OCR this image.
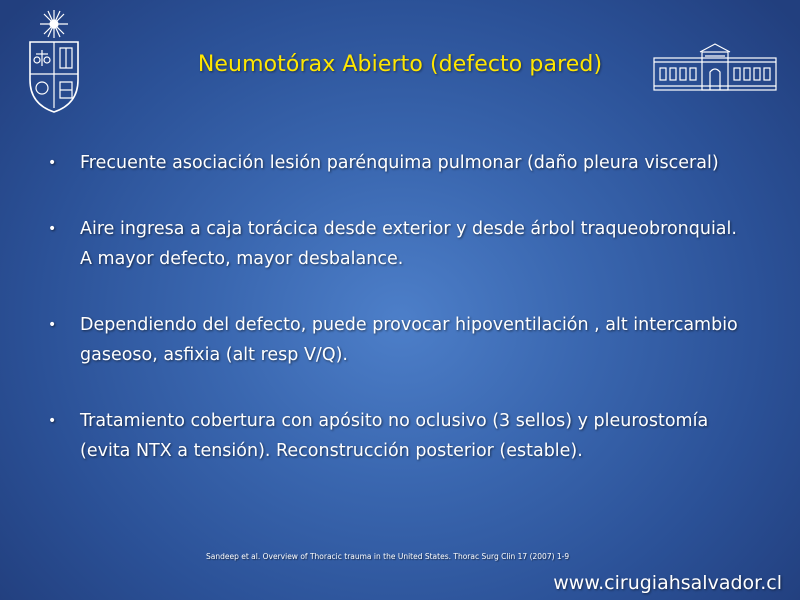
Neumotórax Abierto (defecto pared)
• Frecuente asociación lesión parénquima pulmonar (daño pleura visceral)
• Aire ingresa a caja torácica desde exterior y desde árbol traqueobronquial. A mayor defecto, mayor desbalance.
• Dependiendo del defecto, puede provocar hipoventilación , alt intercambio gaseoso, asfixia (alt resp V/Q).
• Tratamiento cobertura con apósito no oclusivo (3 sellos) y pleurostomía (evita NTX a tensión). Reconstrucción posterior (estable).
Sandeep et al. Overview of Thoracic trauma in the United States. Thorac Surg Clin 17 (2007) 1-9
www.cirugiahsalvador.cl
